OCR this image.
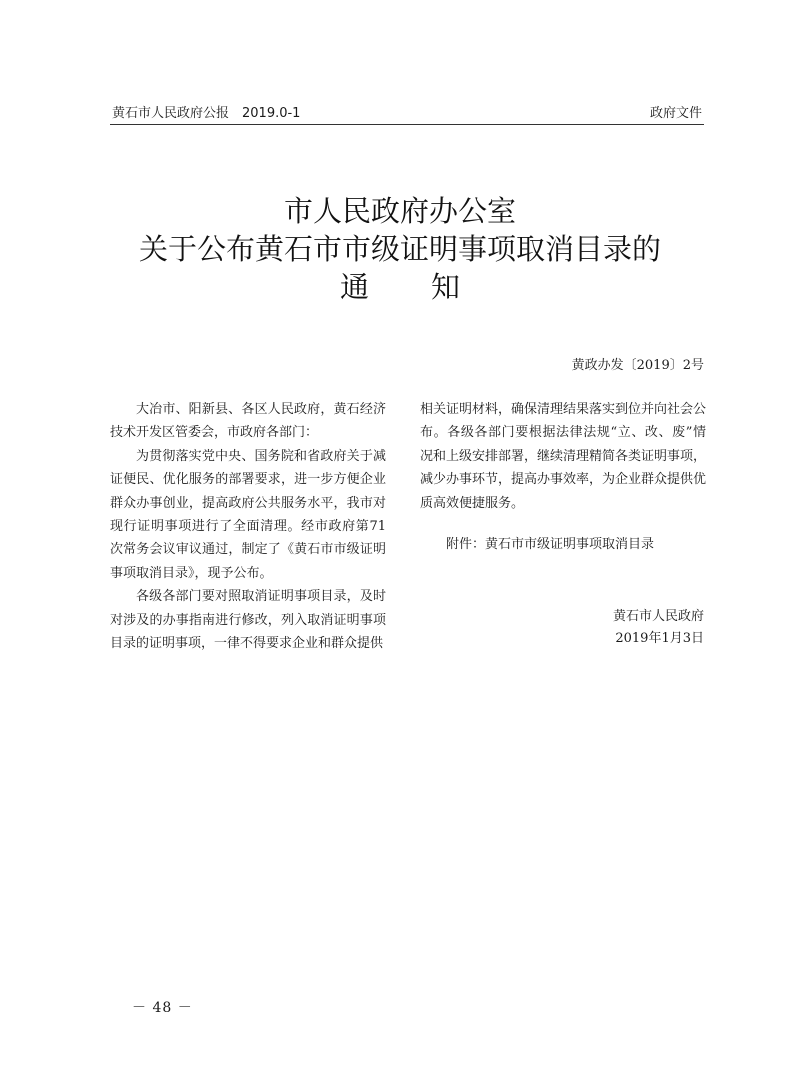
黄石市人民政府公报　2019.0-1	政府文件
市人民政府办公室
关于公布黄石市市级证明事项取消目录的
通 知
黄政办发〔2019〕2号

大冶市、阳新县、各区人民政府，黄石经济技术开发区管委会，市政府各部门：

为贯彻落实党中央、国务院和省政府关于减证便民、优化服务的部署要求，进一步方便企业群众办事创业，提高政府公共服务水平，我市对现行证明事项进行了全面清理。经市政府第71次常务会议审议通过，制定了《黄石市市级证明事项取消目录》，现予公布。

各级各部门要对照取消证明事项目录，及时对涉及的办事指南进行修改，列入取消证明事项目录的证明事项，一律不得要求企业和群众提供

相关证明材料，确保清理结果落实到位并向社会公布。各级各部门要根据法律法规“立、改、废”情况和上级安排部署，继续清理精简各类证明事项，减少办事环节，提高办事效率，为企业群众提供优质高效便捷服务。

附件：黄石市市级证明事项取消目录

黄石市人民政府
2019年1月3日
－ 48 －
